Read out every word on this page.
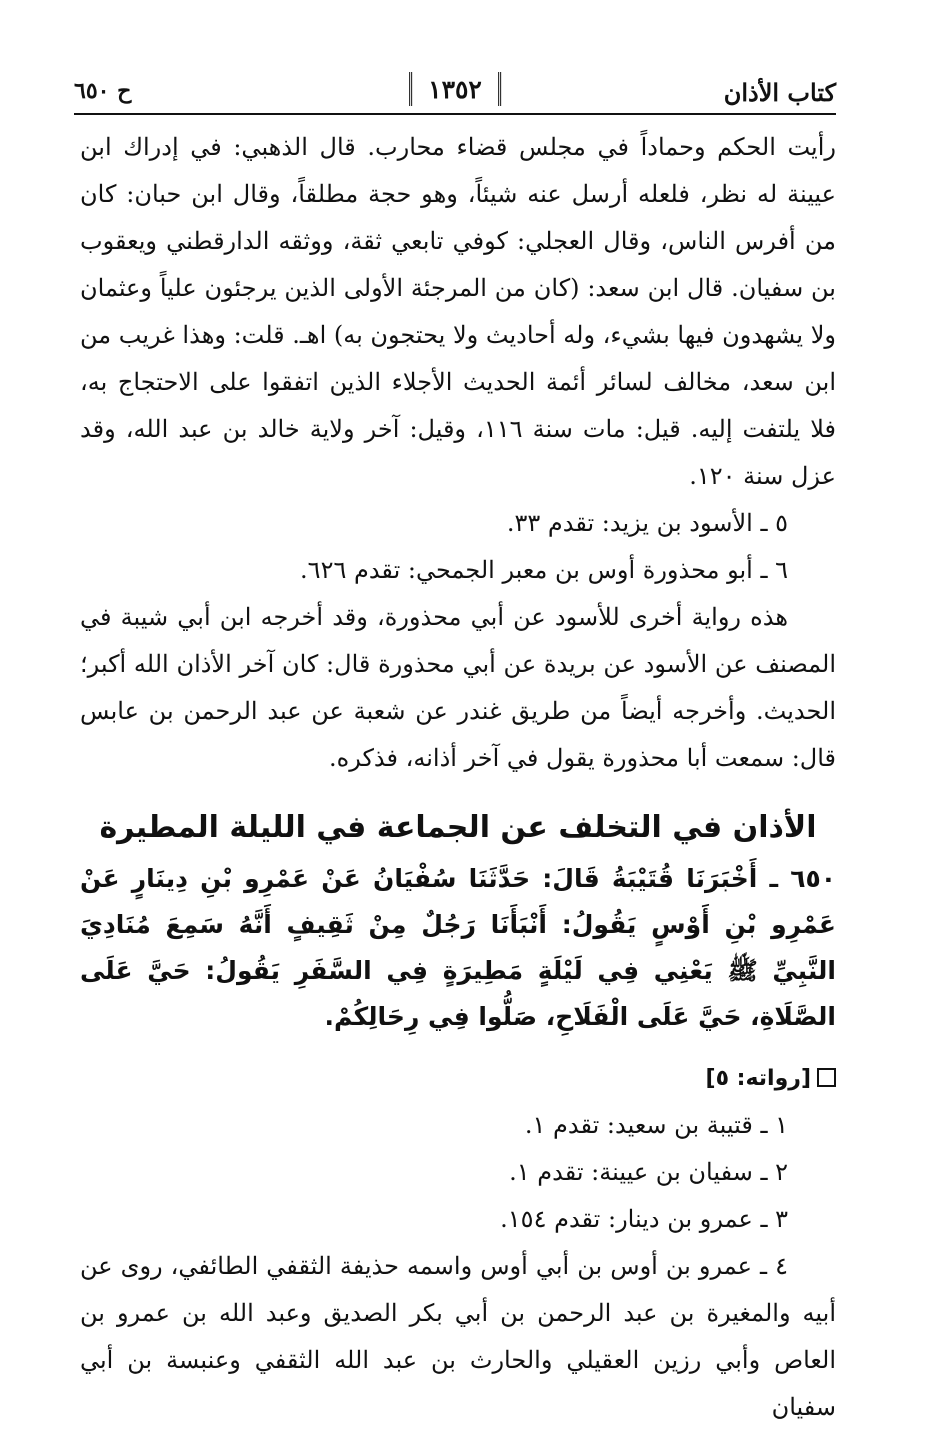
كتاب الأذان
١٣٥٢
ح ٦٥٠

رأيت الحكم وحماداً في مجلس قضاء محارب. قال الذهبي: في إدراك ابن عيينة له نظر، فلعله أرسل عنه شيئاً، وهو حجة مطلقاً، وقال ابن حبان: كان من أفرس الناس، وقال العجلي: كوفي تابعي ثقة، ووثقه الدارقطني ويعقوب بن سفيان. قال ابن سعد: (كان من المرجئة الأولى الذين يرجئون علياً وعثمان ولا يشهدون فيها بشيء، وله أحاديث ولا يحتجون به) اهـ. قلت: وهذا غريب من ابن سعد، مخالف لسائر أئمة الحديث الأجلاء الذين اتفقوا على الاحتجاج به، فلا يلتفت إليه. قيل: مات سنة ١١٦، وقيل: آخر ولاية خالد بن عبد الله، وقد عزل سنة ١٢٠.

٥ ـ الأسود بن يزيد: تقدم ٣٣.

٦ ـ أبو محذورة أوس بن معبر الجمحي: تقدم ٦٢٦.

هذه رواية أخرى للأسود عن أبي محذورة، وقد أخرجه ابن أبي شيبة في المصنف عن الأسود عن بريدة عن أبي محذورة قال: كان آخر الأذان الله أكبر؛ الحديث. وأخرجه أيضاً من طريق غندر عن شعبة عن عبد الرحمن بن عابس قال: سمعت أبا محذورة يقول في آخر أذانه، فذكره.

الأذان في التخلف عن الجماعة في الليلة المطيرة

٦٥٠ ـ أَخْبَرَنَا قُتَيْبَةُ قَالَ: حَدَّثَنَا سُفْيَانُ عَنْ عَمْرِو بْنِ دِينَارٍ عَنْ عَمْرِو بْنِ أَوْسٍ يَقُولُ: أَنْبَأَنَا رَجُلٌ مِنْ ثَقِيفٍ أَنَّهُ سَمِعَ مُنَادِيَ النَّبِيِّ ﷺ يَعْنِي فِي لَيْلَةٍ مَطِيرَةٍ فِي السَّفَرِ يَقُولُ: حَيَّ عَلَى الصَّلَاةِ، حَيَّ عَلَى الْفَلَاحِ، صَلُّوا فِي رِحَالِكُمْ.

[رواته: ٥]

١ ـ قتيبة بن سعيد: تقدم ١.

٢ ـ سفيان بن عيينة: تقدم ١.

٣ ـ عمرو بن دينار: تقدم ١٥٤.

٤ ـ عمرو بن أوس بن أبي أوس واسمه حذيفة الثقفي الطائفي، روى عن أبيه والمغيرة بن عبد الرحمن بن أبي بكر الصديق وعبد الله بن عمرو بن العاص وأبي رزين العقيلي والحارث بن عبد الله الثقفي وعنبسة بن أبي سفيان
